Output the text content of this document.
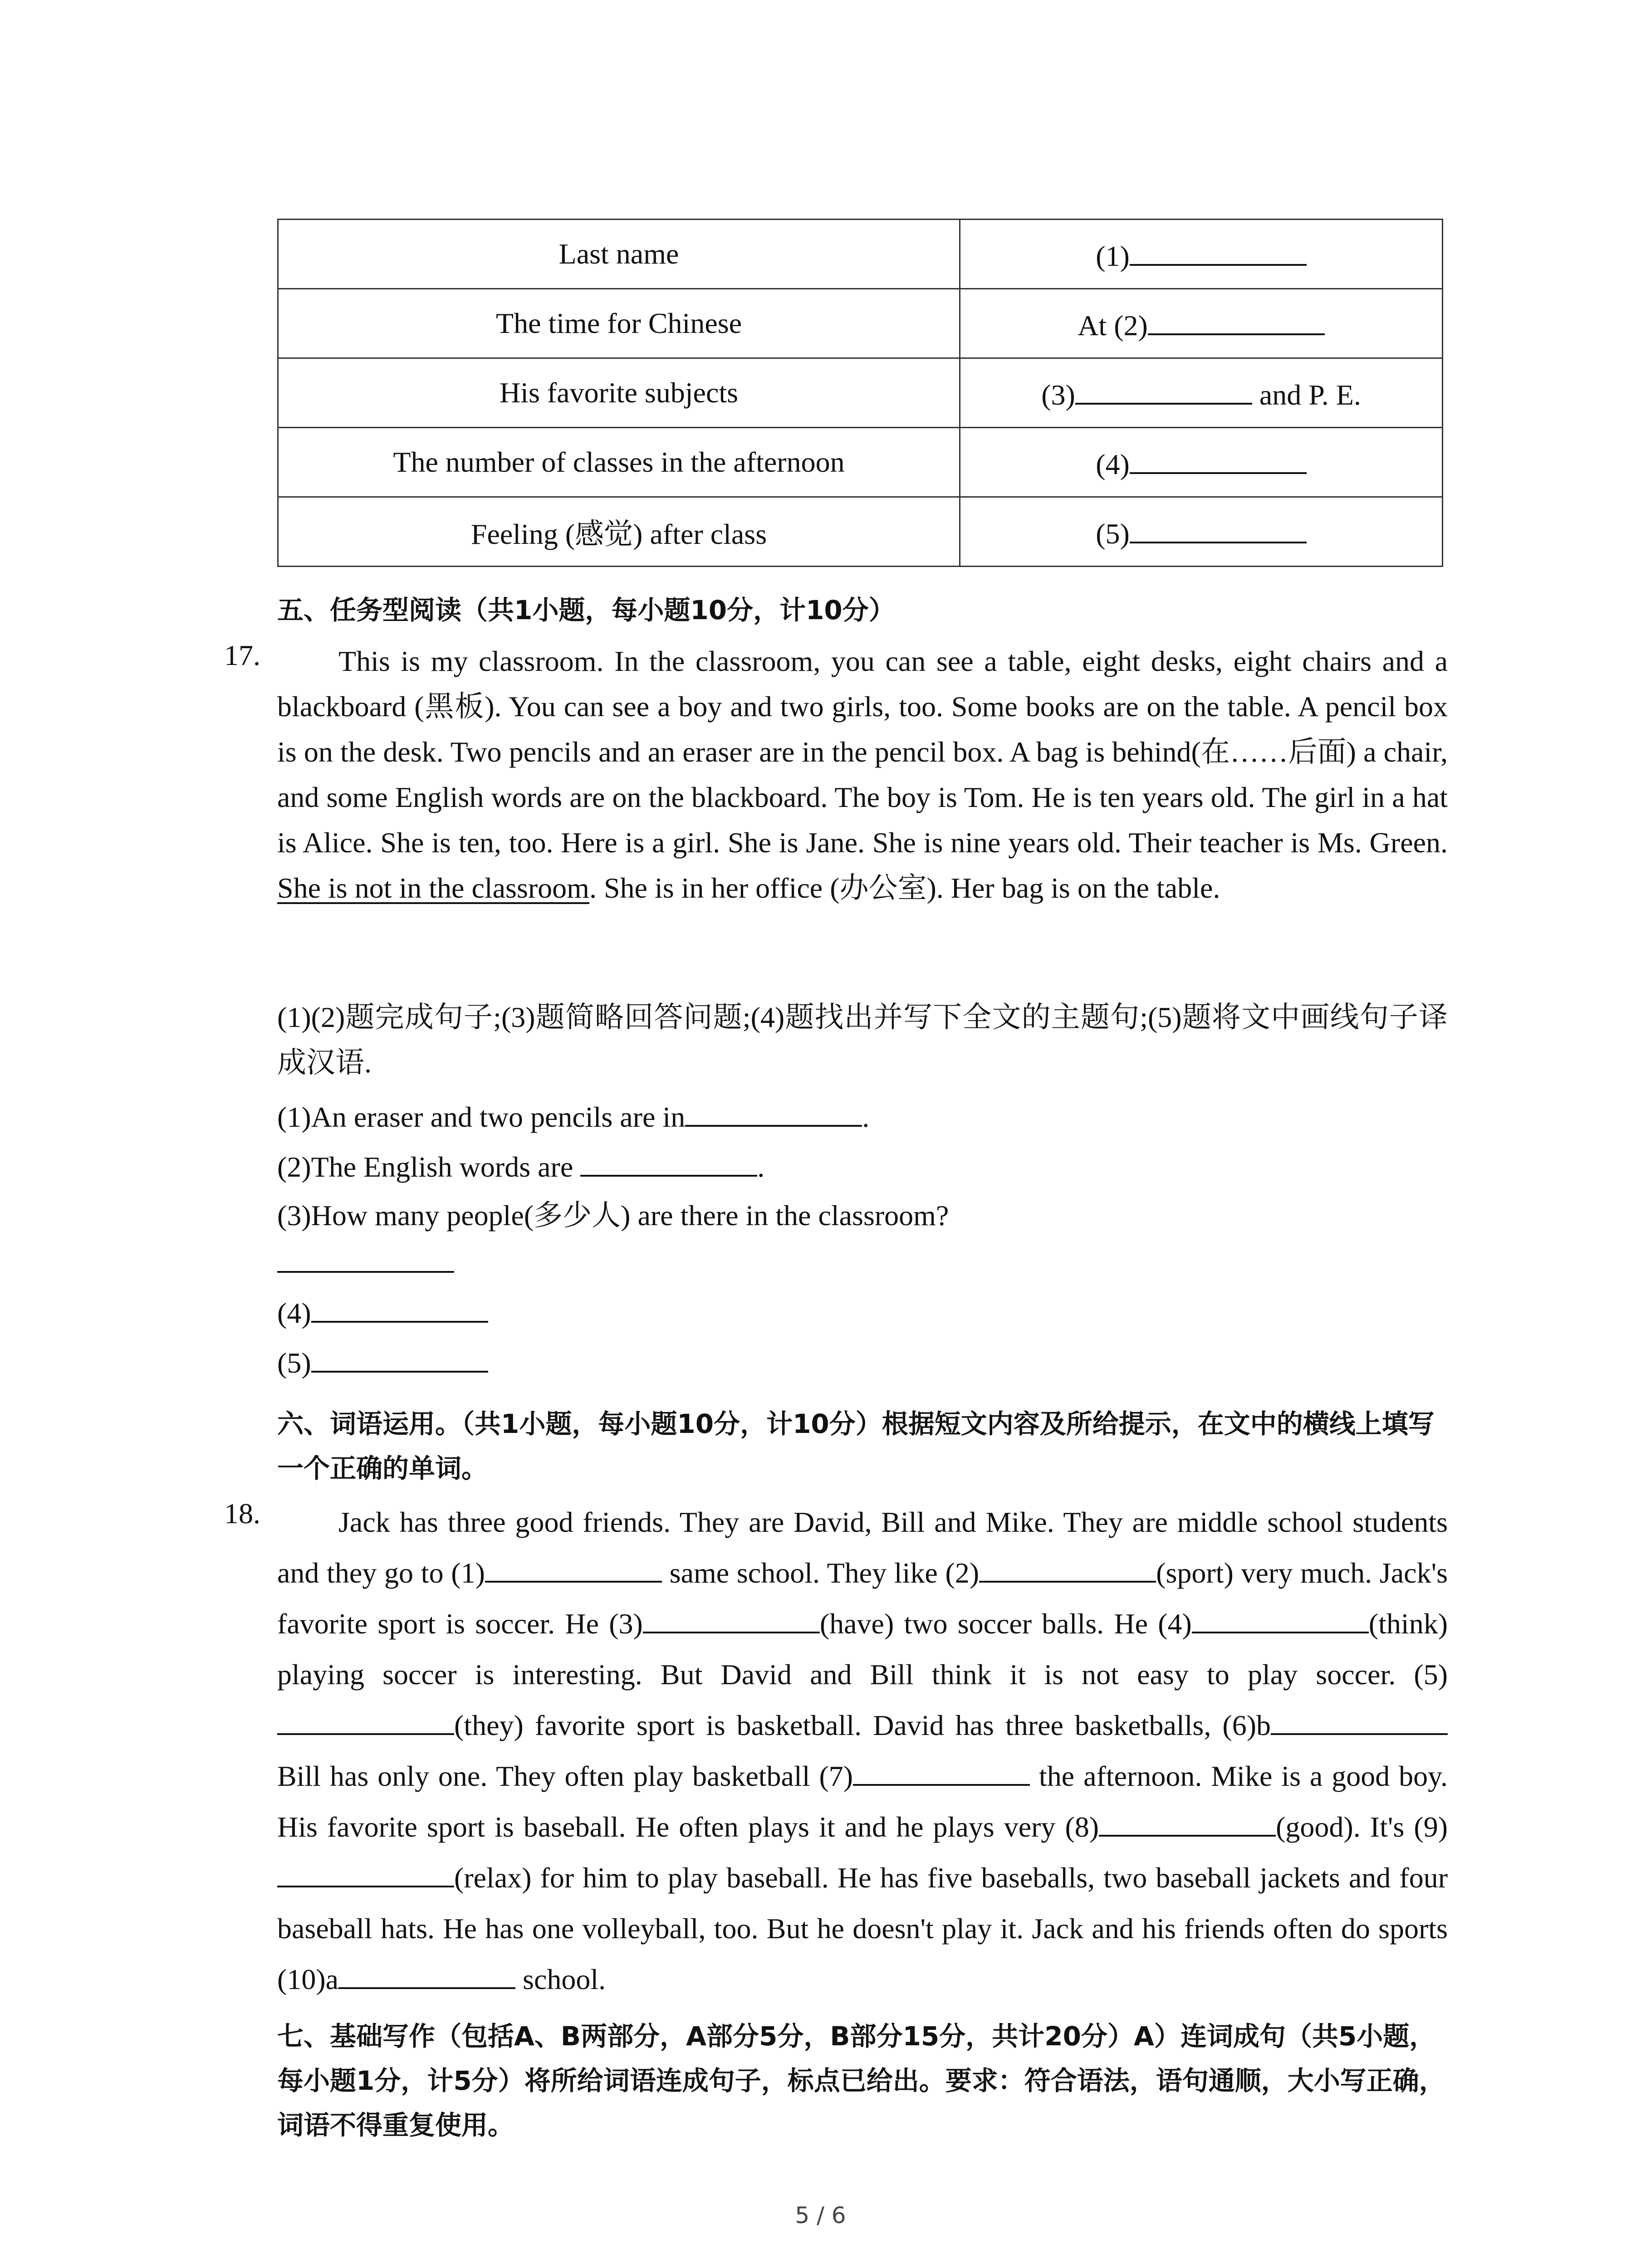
Last name	(1)
The time for Chinese	At (2)
His favorite subjects	(3) and P. E.
The number of classes in the afternoon	(4)
Feeling (感觉) after class	(5)
五、任务型阅读（共1小题，每小题10分，计10分）
17.	This is my classroom. In the classroom, you can see a table, eight desks, eight chairs and a blackboard (黑板). You can see a boy and two girls, too. Some books are on the table. A pencil box is on the desk. Two pencils and an eraser are in the pencil box. A bag is behind(在……后面) a chair, and some English words are on the blackboard. The boy is Tom. He is ten years old. The girl in a hat is Alice. She is ten, too. Here is a girl. She is Jane. She is nine years old. Their teacher is Ms. Green. She is not in the classroom. She is in her office (办公室). Her bag is on the table.
(1)(2)题完成句子;(3)题简略回答问题;(4)题找出并写下全文的主题句;(5)题将文中画线句子译成汉语.
(1)An eraser and two pencils are in	.
(2)The English words are	.
(3)How many people(多少人) are there in the classroom?
(4)
(5)
六、词语运用。（共1小题，每小题10分，计10分）根据短文内容及所给提示，在文中的横线上填写一个正确的单词。
18.	Jack has three good friends. They are David, Bill and Mike. They are middle school students and they go to (1)	same school. They like (2)	(sport) very much. Jack's favorite sport is soccer. He (3)	(have) two soccer balls. He (4)	(think) playing soccer is interesting. But David and Bill think it is not easy to play soccer. (5)(they) favorite sport is basketball. David has three basketballs, (6)b Bill has only one. They often play basketball (7)	the afternoon. Mike is a good boy. His favorite sport is baseball. He often plays it and he plays very (8)	(good). It's (9)(relax) for him to play baseball. He has five baseballs, two baseball jackets and four baseball hats. He has one volleyball, too. But he doesn't play it. Jack and his friends often do sports (10)a	school.
七、基础写作（包括A、B两部分，A部分5分，B部分15分，共计20分）A）连词成句（共5小题，每小题1分，计5分）将所给词语连成句子，标点已给出。要求：符合语法，语句通顺，大小写正确，词语不得重复使用。
5 / 6
